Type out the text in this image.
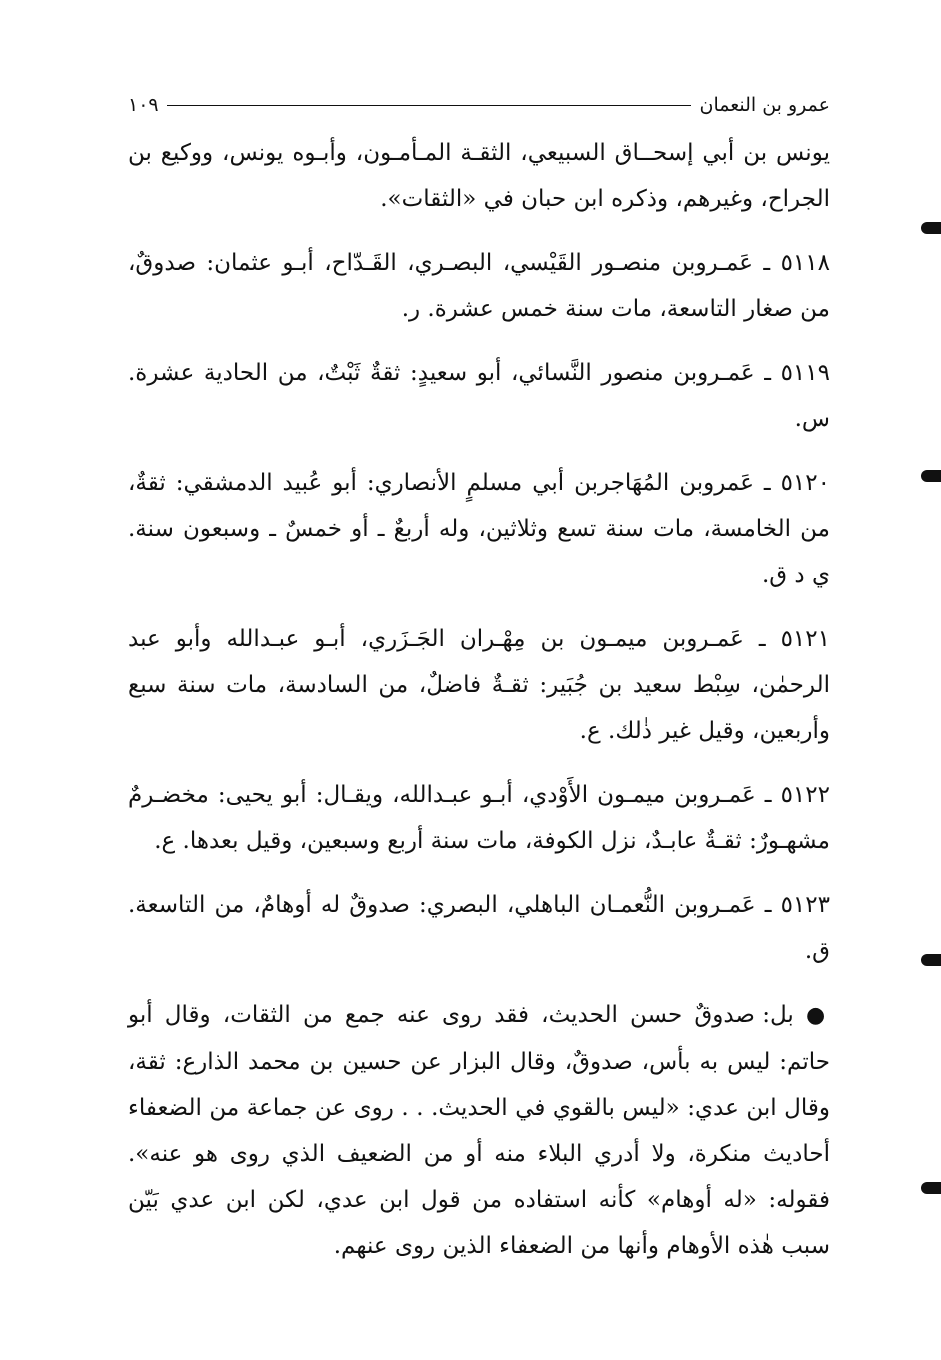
عمرو بن النعمان
١٠٩

يونس بن أبي إسحــاق السبيعي، الثقـة المـأمـون، وأبـوه يونس، ووكيع بن الجراح، وغيرهم، وذكره ابن حبان في «الثقات».

٥١١٨ ـ عَمـروبن منصـور القَيْسي، البصـري، القَـدّاح، أبـو عثمان: صدوقٌ، من صغار التاسعة، مات سنة خمس عشرة. ر.

٥١١٩ ـ عَمـروبن منصور النَّسائي، أبو سعيدٍ: ثقةٌ ثَبْتٌ، من الحادية عشرة. س.

٥١٢٠ ـ عَمروبن المُهَاجربن أبي مسلمٍ الأنصاري: أبو عُبيد الدمشقي: ثقةٌ، من الخامسة، مات سنة تسع وثلاثين، وله أربعٌ ـ أو خمسٌ ـ وسبعون سنة. ي د ق.

٥١٢١ ـ عَمـروبن ميمـون بن مِهْـران الجَـزَري، أبـو عبـدالله وأبو عبد الرحمٰن، سِبْط سعيد بن جُبَير: ثقـةٌ فاضلٌ، من السادسة، مات سنة سبع وأربعين، وقيل غير ذٰلك. ع.

٥١٢٢ ـ عَمـروبن ميمـون الأَوْدي، أبـو عبـدالله، ويقـال: أبو يحيى: مخضـرمٌ مشهـورٌ: ثقـةٌ عابـدٌ، نزل الكوفة، مات سنة أربع وسبعين، وقيل بعدها. ع.

٥١٢٣ ـ عَمـروبن النُّعمـان الباهلي، البصري: صدوقٌ له أوهامٌ، من التاسعة. ق.

● بل: صدوقٌ حسن الحديث، فقد روى عنه جمع من الثقات، وقال أبو حاتم: ليس به بأس، صدوقٌ، وقال البزار عن حسين بن محمد الذارع: ثقة، وقال ابن عدي: «ليس بالقوي في الحديث. . . روى عن جماعة من الضعفاء أحاديث منكرة، ولا أدري البلاء منه أو من الضعيف الذي روى هو عنه». فقوله: «له أوهام» كأنه استفاده من قول ابن عدي، لكن ابن عدي بَيّن سبب هٰذه الأوهام وأنها من الضعفاء الذين روى عنهم.
